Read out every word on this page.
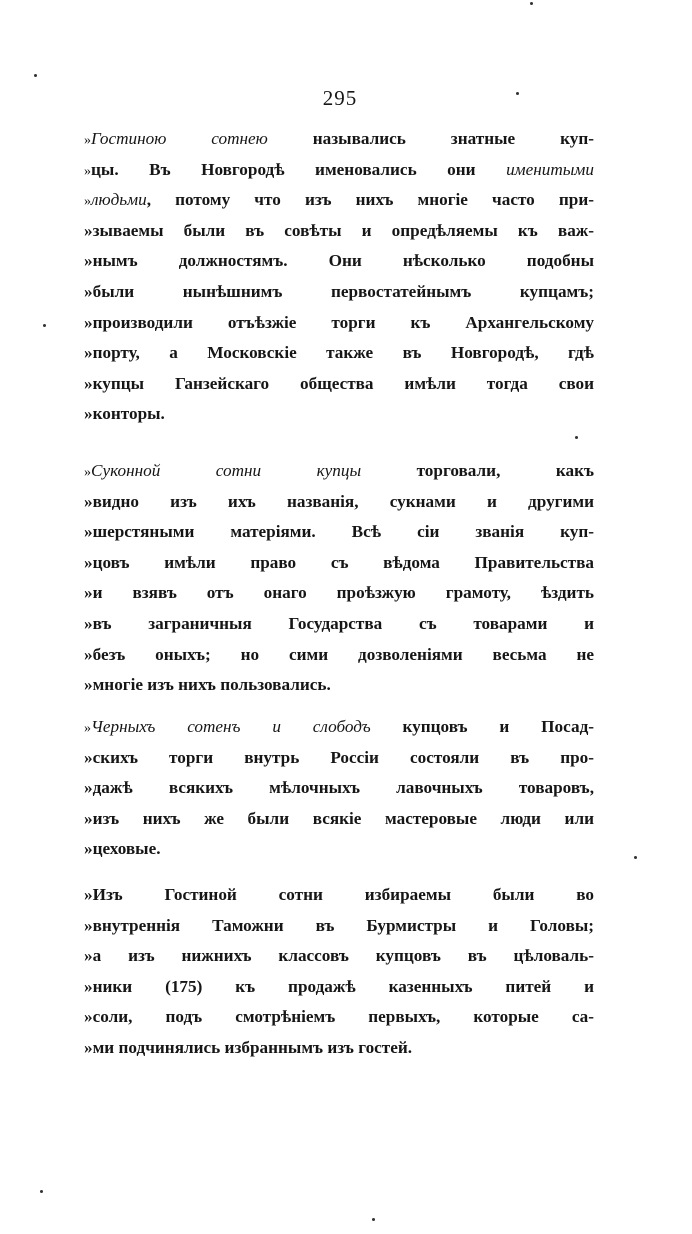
295
»Гостиною сотнею назывались знатные куп-
»цы. Въ Новгородѣ именовались они именитыми
»людьми, потому что изъ нихъ многіе часто при-
»зываемы были въ совѣты и опредѣляемы къ важ-
»нымъ должностямъ. Они нѣсколько подобны
»были нынѣшнимъ первостатейнымъ купцамъ;
»производили отъѣзжіе торги къ Архангельскому
»порту, а Московскіе также въ Новгородѣ, гдѣ
»купцы Ганзейскаго общества имѣли тогда свои
»конторы.
»Суконной	сотни	купцы торговали, какъ
»видно изъ ихъ названія, сукнами и другими
»шерстяными матеріями. Всѣ сіи званія куп-
»цовъ имѣли право съ вѣдома Правительства
»и взявъ отъ онаго проѣзжую грамоту, ѣздить
»въ заграничныя Государства съ товарами и
»безъ оныхъ; но сими дозволеніями весьма не
»многіе изъ нихъ пользовались.
»Черныхъ сотенъ и слободъ купцовъ и Посад-
»скихъ торги внутрь Россіи состояли въ про-
»дажѣ всякихъ мѣлочныхъ лавочныхъ товаровъ,
»изъ нихъ же были всякіе мастеровые люди или
»цеховые.
»Изъ Гостиной сотни избираемы были во
»внутреннія Таможни въ Бурмистры и Головы;
»а изъ нижнихъ классовъ купцовъ въ цѣловаль-
»ники (175) къ продажѣ казенныхъ питей и
»соли, подъ смотрѣніемъ первыхъ, которые са-
»ми подчинялись избраннымъ изъ гостей.
